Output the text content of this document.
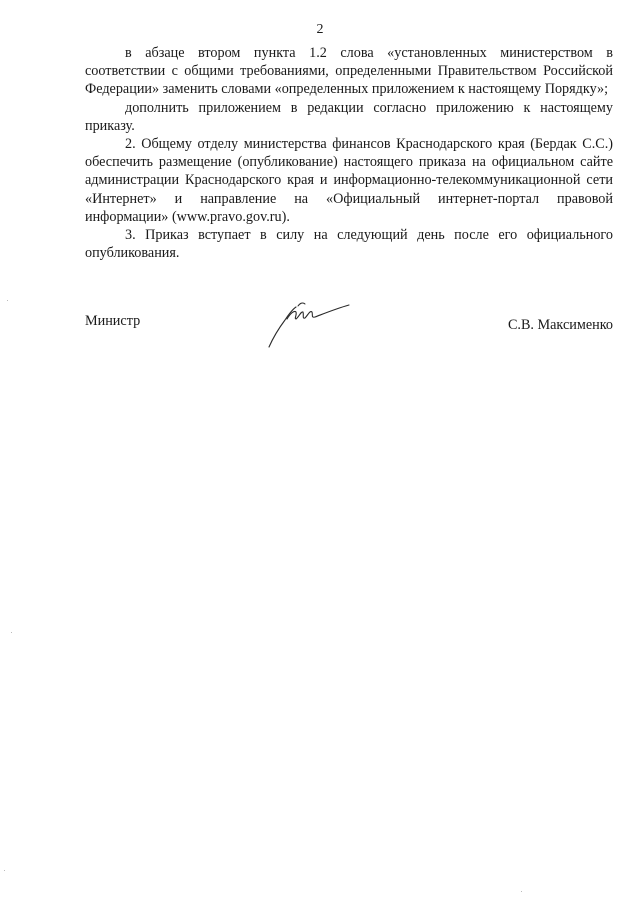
2

в абзаце втором пункта 1.2 слова «установленных министерством в соответствии с общими требованиями, определенными Правительством Российской Федерации» заменить словами «определенных приложением к настоящему Порядку»;

дополнить приложением в редакции согласно приложению к настоящему приказу.

2. Общему отделу министерства финансов Краснодарского края (Бердак С.С.) обеспечить размещение (опубликование) настоящего приказа на официальном сайте администрации Краснодарского края и информационно-телекоммуникационной сети «Интернет» и направление на «Официальный интернет-портал правовой информации» (www.pravo.gov.ru).

3. Приказ вступает в силу на следующий день после его официального опубликования.

Министр	С.В. Максименко
